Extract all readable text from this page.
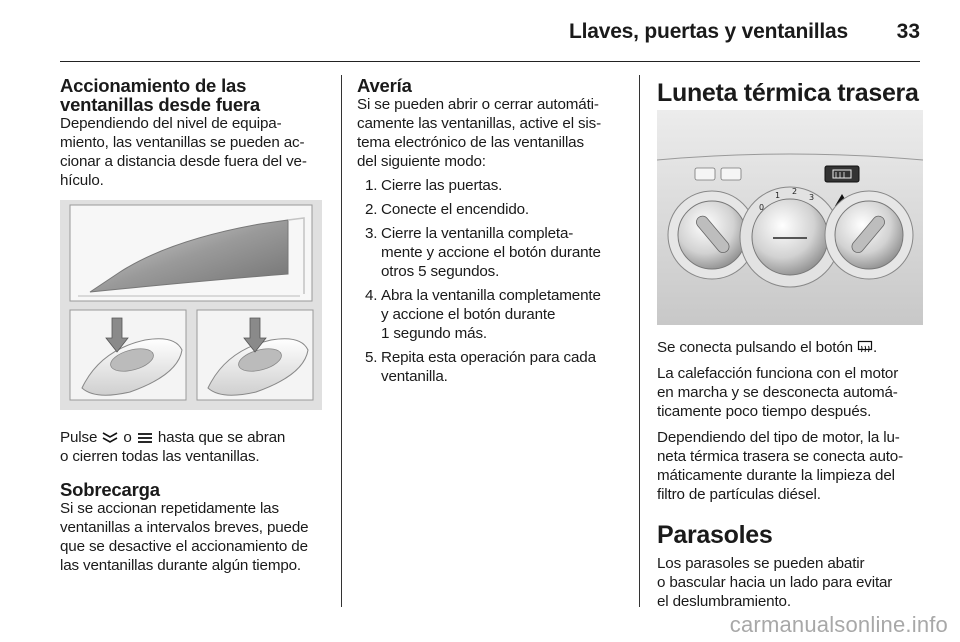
Llaves, puertas y ventanillas 33
Accionamiento de las
ventanillas desde fuera
Dependiendo del nivel de equipa-
miento, las ventanillas se pueden ac-
cionar a distancia desde fuera del ve-
hículo.
Pulse o hasta que se abran
o cierren todas las ventanillas.
Sobrecarga
Si se accionan repetidamente las
ventanillas a intervalos breves, puede
que se desactive el accionamiento de
las ventanillas durante algún tiempo.
Avería
Si se pueden abrir o cerrar automáti-
camente las ventanillas, active el sis-
tema electrónico de las ventanillas
del siguiente modo:
1. Cierre las puertas.
2. Conecte el encendido.
3. Cierre la ventanilla completa-
mente y accione el botón durante
otros 5 segundos.
4. Abra la ventanilla completamente
y accione el botón durante
1 segundo más.
5. Repita esta operación para cada
ventanilla.
Luneta térmica trasera
0
1 2
3
Se conecta pulsando el botón .
La calefacción funciona con el motor
en marcha y se desconecta automá-
ticamente poco tiempo después.
Dependiendo del tipo de motor, la lu-
neta térmica trasera se conecta auto-
máticamente durante la limpieza del
filtro de partículas diésel.
Parasoles
Los parasoles se pueden abatir
o bascular hacia un lado para evitar
el deslumbramiento.
carmanualsonline.info
